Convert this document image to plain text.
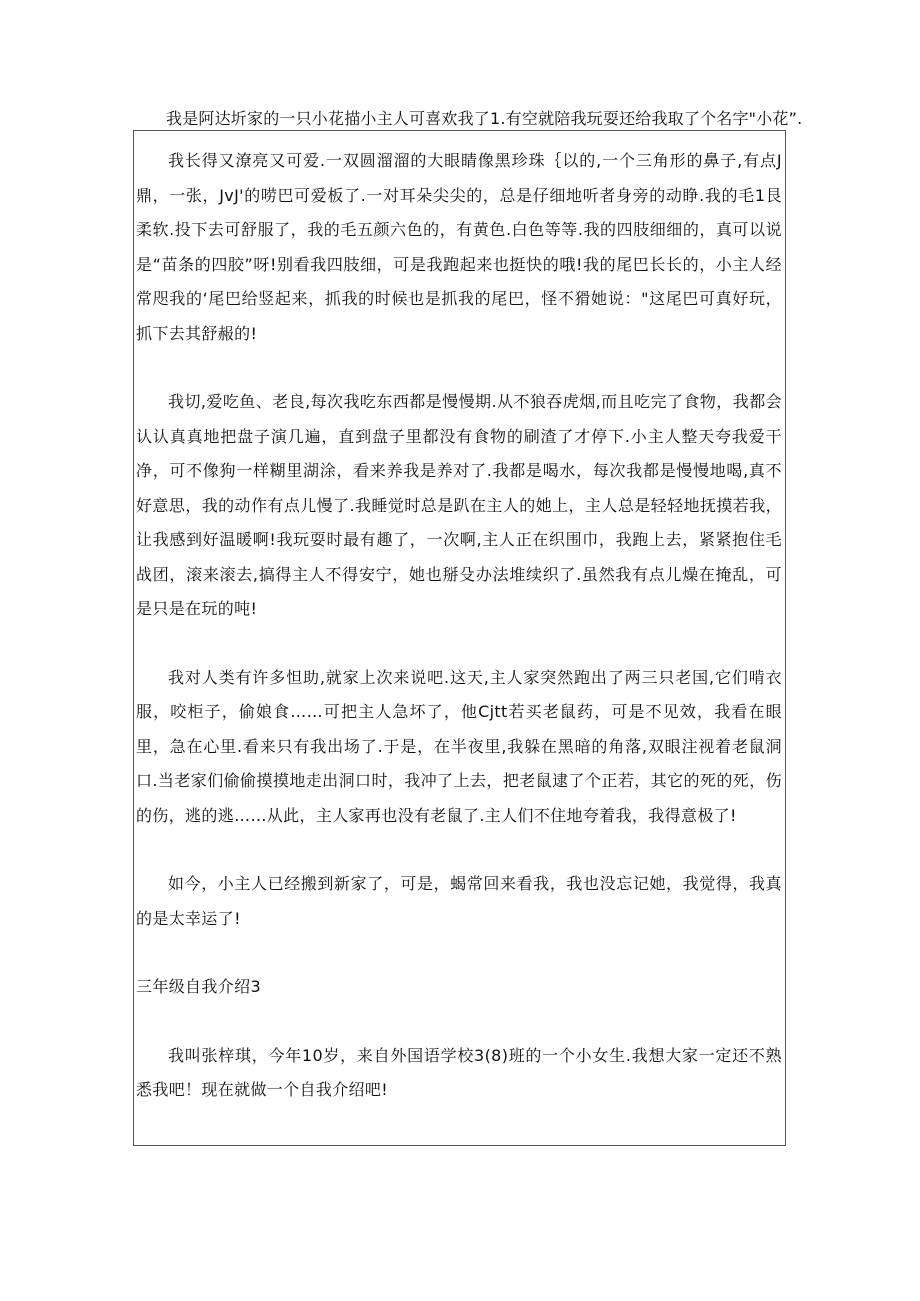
我是阿达圻家的一只小花描小主人可喜欢我了1.有空就陪我玩耍还给我取了个名字"小花”.

我长得又潦亮又可爱.一双圆溜溜的大眼睛像黑珍珠｛以的,一个三角形的鼻子,有点J鼎，一张，JvJ'的唠巴可爱板了.一对耳朵尖尖的，总是仔细地听者身旁的动睁.我的毛1艮柔软.投下去可舒服了，我的毛五颜六色的，有黄色.白色等等.我的四肢细细的，真可以说是“苗条的四胶”呀!别看我四肢细，可是我跑起来也挺快的哦!我的尾巴长长的，小主人经常咫我的‘尾巴给竖起来，抓我的时候也是抓我的尾巴，怪不猾她说："这尾巴可真好玩，抓下去其舒赧的!

我切,爱吃鱼、老良,每次我吃东西都是慢慢期.从不狼吞虎烟,而且吃完了食物，我都会认认真真地把盘子演几遍，直到盘子里都没有食物的刷渣了才停下.小主人整天夸我爱干净，可不像狗一样糊里湖涂，看来养我是养对了.我都是喝水，每次我都是慢慢地喝,真不好意思，我的动作有点儿慢了.我睡觉时总是趴在主人的她上，主人总是轻轻地抚摸若我，让我感到好温暖啊!我玩耍时最有趣了，一次啊,主人正在织围巾，我跑上去，紧紧抱住毛战团，滚来滚去,搞得主人不得安宁，她也掰殳办法堆续织了.虽然我有点儿燥在掩乱，可是只是在玩的吨!

我对人类有许多怛助,就家上次来说吧.这天,主人家突然跑出了两三只老国,它们啃衣服，咬柜子，偷娘食……可把主人急坏了，他Cjtt若买老鼠药，可是不见效，我看在眼里，急在心里.看来只有我出场了.于是，在半夜里,我躲在黑暗的角落,双眼注视着老鼠洞口.当老家们偷偷摸摸地走出洞口时，我冲了上去，把老鼠逮了个正若，其它的死的死，伤的伤，逃的逃……从此，主人家再也没有老鼠了.主人们不住地夸着我，我得意极了!

如今，小主人已经搬到新家了，可是，蝎常回来看我，我也没忘记她，我觉得，我真的是太幸运了!

三年级自我介绍3

我叫张梓琪，今年10岁，来自外国语学校3(8)班的一个小女生.我想大家一定还不熟悉我吧！现在就做一个自我介绍吧!
